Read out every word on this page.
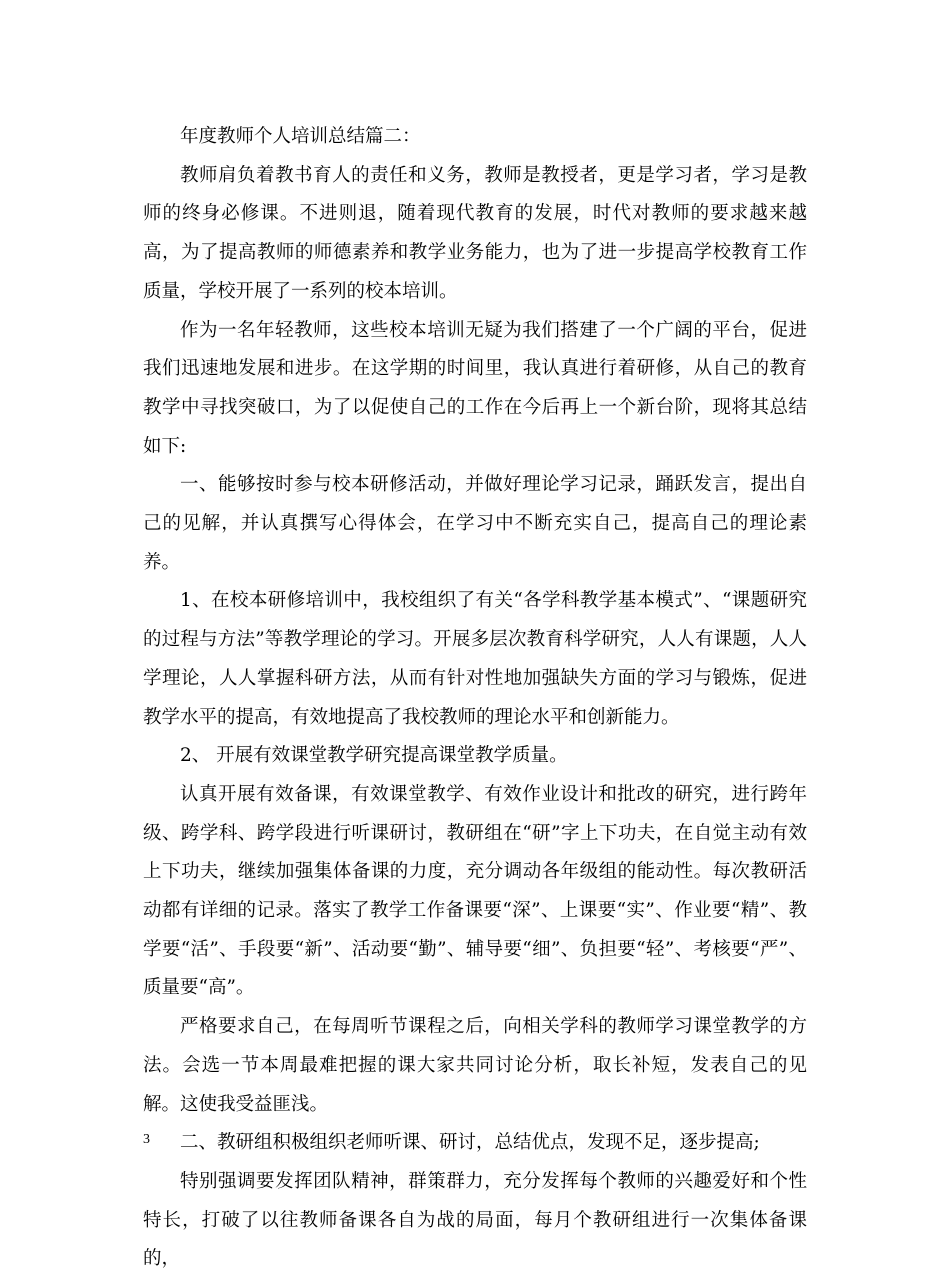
年度教师个人培训总结篇二：

教师肩负着教书育人的责任和义务，教师是教授者，更是学习者，学习是教师的终身必修课。不进则退，随着现代教育的发展，时代对教师的要求越来越高，为了提高教师的师德素养和教学业务能力，也为了进一步提高学校教育工作质量，学校开展了一系列的校本培训。

作为一名年轻教师，这些校本培训无疑为我们搭建了一个广阔的平台，促进我们迅速地发展和进步。在这学期的时间里，我认真进行着研修，从自己的教育教学中寻找突破口，为了以促使自己的工作在今后再上一个新台阶，现将其总结如下:

一、能够按时参与校本研修活动，并做好理论学习记录，踊跃发言，提出自己的见解，并认真撰写心得体会，在学习中不断充实自己，提高自己的理论素养。

1、在校本研修培训中，我校组织了有关“各学科教学基本模式”、“课题研究的过程与方法”等教学理论的学习。开展多层次教育科学研究，人人有课题，人人学理论，人人掌握科研方法，从而有针对性地加强缺失方面的学习与锻炼，促进教学水平的提高，有效地提高了我校教师的理论水平和创新能力。

2、 开展有效课堂教学研究提高课堂教学质量。

认真开展有效备课，有效课堂教学、有效作业设计和批改的研究，进行跨年级、跨学科、跨学段进行听课研讨，教研组在“研”字上下功夫，在自觉主动有效上下功夫，继续加强集体备课的力度，充分调动各年级组的能动性。每次教研活动都有详细的记录。落实了教学工作备课要“深”、上课要“实”、作业要“精”、教学要“活”、手段要“新”、活动要“勤”、辅导要“细”、负担要“轻”、考核要“严”、质量要“高”。

严格要求自己，在每周听节课程之后，向相关学科的教师学习课堂教学的方法。会选一节本周最难把握的课大家共同讨论分析，取长补短，发表自己的见解。这使我受益匪浅。

二、教研组积极组织老师听课、研讨，总结优点，发现不足，逐步提高;

特别强调要发挥团队精神，群策群力，充分发挥每个教师的兴趣爱好和个性特长，打破了以往教师备课各自为战的局面，每月个教研组进行一次集体备课的，

3
